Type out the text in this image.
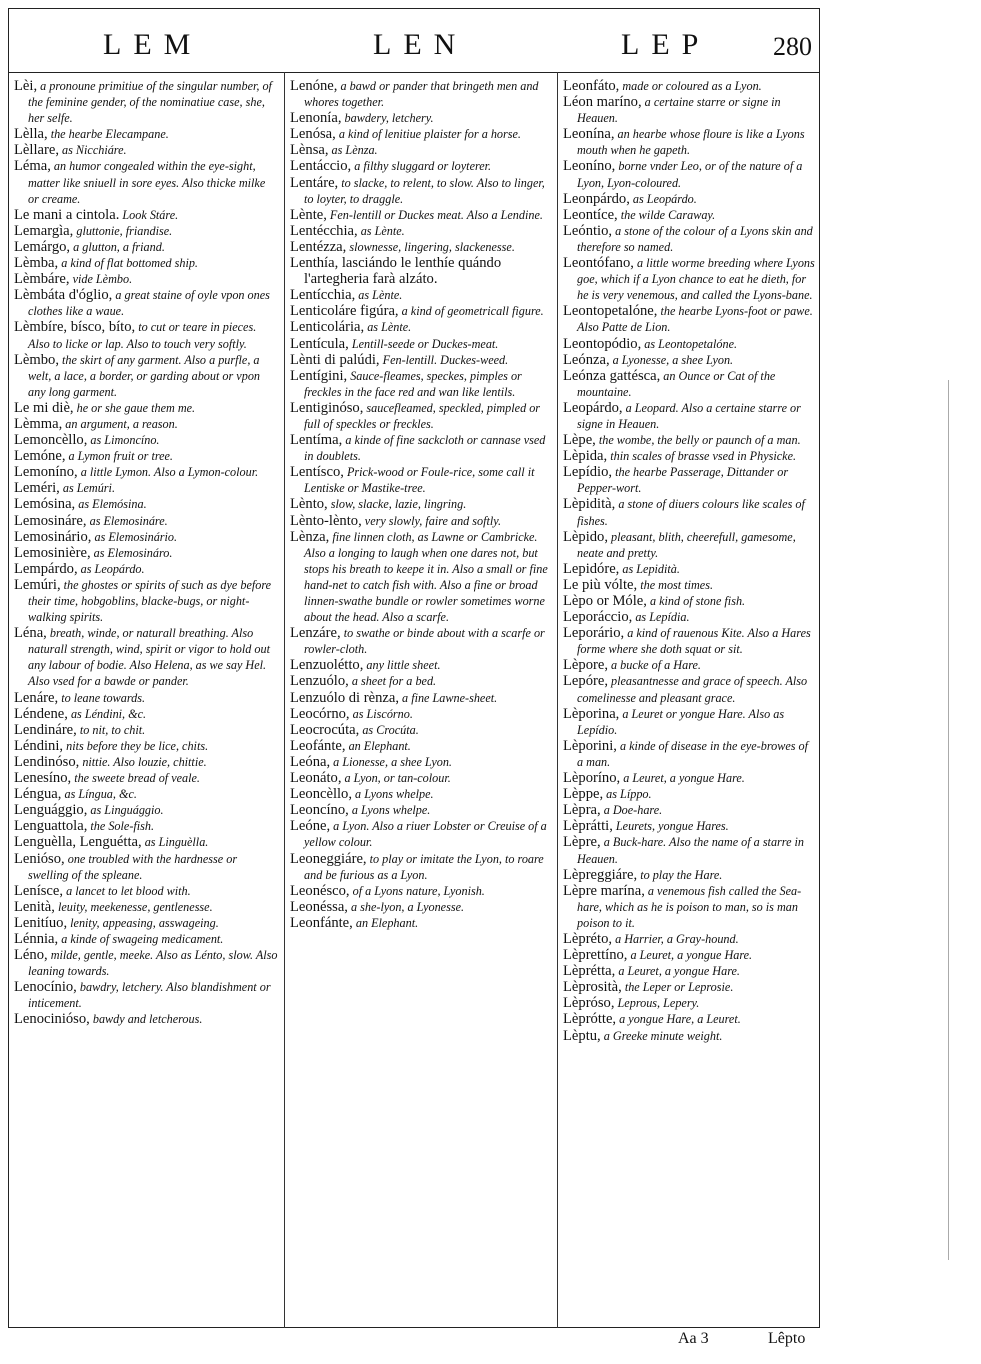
LEM	LEN	LEP 280

Lèi, a pronoune primitiue of the singular number, of the feminine gender, of the nominatiue case, she, her selfe.

Lèlla, the hearbe Elecampane.

Lèllare, as Nicchiáre.

Léma, an humor congealed within the eye-sight, matter like sniuell in sore eyes. Also thicke milke or creame.

Le mani a cintola. Look Stáre.

Lemargìa, gluttonie, friandise.

Lemárgo, a glutton, a friand.

Lèmba, a kind of flat bottomed ship.

Lèmbáre, vide Lèmbo.

Lèmbáta d'óglio, a great staine of oyle vpon ones clothes like a waue.

Lèmbíre, bísco, bíto, to cut or teare in pieces. Also to licke or lap. Also to touch very softly.

Lèmbo, the skirt of any garment. Also a purfle, a welt, a lace, a border, or garding about or vpon any long garment.

Le mi diè, he or she gaue them me.

Lèmma, an argument, a reason.

Lemoncèllo, as Limoncíno.

Lemóne, a Lymon fruit or tree.

Lemoníno, a little Lymon. Also a Lymon-colour.

Leméri, as Lemúri.

Lemósina, as Elemósina.

Lemosináre, as Elemosináre.

Lemosinário, as Elemosinário.

Lemosinière, as Elemosináro.

Lempárdo, as Leopárdo.

Lemúri, the ghostes or spirits of such as dye before their time, hobgoblins, blacke-bugs, or night-walking spirits.

Léna, breath, winde, or naturall breathing. Also naturall strength, wind, spirit or vigor to hold out any labour of bodie. Also Helena, as we say Hel. Also vsed for a bawde or pander.

Lenáre, to leane towards.

Léndene, as Léndini, &c.

Lendináre, to nit, to chit.

Léndini, nits before they be lice, chits.

Lendinóso, nittie. Also louzie, chittie.

Lenesíno, the sweete bread of veale.

Léngua, as Língua, &c.

Lenguággio, as Linguággio.

Lenguattola, the Sole-fish.

Lenguèlla, Lenguétta, as Linguèlla.

Lenióso, one troubled with the hardnesse or swelling of the spleane.

Lenísce, a lancet to let blood with.

Lenità, leuity, meekenesse, gentlenesse.

Lenitíuo, lenity, appeasing, asswageing.

Lénnia, a kinde of swageing medicament.

Léno, milde, gentle, meeke. Also as Lénto, slow. Also leaning towards.

Lenocínio, bawdry, letchery. Also blandishment or inticement.

Lenocinióso, bawdy and letcherous.

Lenóne, a bawd or pander that bringeth men and whores together.

Lenonía, bawdery, letchery.

Lenósa, a kind of lenitiue plaister for a horse.

Lènsa, as Lènza.

Lentáccio, a filthy sluggard or loyterer.

Lentáre, to slacke, to relent, to slow. Also to linger, to loyter, to draggle.

Lènte, Fen-lentill or Duckes meat. Also a Lendine.

Lentécchia, as Lènte.

Lentézza, slownesse, lingering, slackenesse.

Lenthía, lasciándo le lenthíe quándo l'artegheria farà alzáto.

Lentícchia, as Lènte.

Lenticoláre figúra, a kind of geometricall figure.

Lenticolária, as Lènte.

Lentícula, Lentill-seede or Duckes-meat.

Lènti di palúdi, Fen-lentill. Duckes-weed.

Lentígini, Sauce-fleames, speckes, pimples or freckles in the face red and wan like lentils.

Lentiginóso, saucefleamed, speckled, pimpled or full of speckles or freckles.

Lentíma, a kinde of fine sackcloth or cannase vsed in doublets.

Lentísco, Prick-wood or Foule-rice, some call it Lentiske or Mastike-tree.

Lènto, slow, slacke, lazie, lingring.

Lènto-lènto, very slowly, faire and softly.

Lènza, fine linnen cloth, as Lawne or Cambricke. Also a longing to laugh when one dares not, but stops his breath to keepe it in. Also a small or fine hand-net to catch fish with. Also a fine or broad linnen-swathe bundle or rowler sometimes worne about the head. Also a scarfe.

Lenzáre, to swathe or binde about with a scarfe or rowler-cloth.

Lenzuolétto, any little sheet.

Lenzuólo, a sheet for a bed.

Lenzuólo di rènza, a fine Lawne-sheet.

Leocórno, as Liscórno.

Leocrocúta, as Crocúta.

Leofánte, an Elephant.

Leóna, a Lionesse, a shee Lyon.

Leonáto, a Lyon, or tan-colour.

Leoncèllo, a Lyons whelpe.

Leoncíno, a Lyons whelpe.

Leóne, a Lyon. Also a riuer Lobster or Creuise of a yellow colour.

Leoneggiáre, to play or imitate the Lyon, to roare and be furious as a Lyon.

Leonésco, of a Lyons nature, Lyonish.

Leonéssa, a she-lyon, a Lyonesse.

Leonfánte, an Elephant.

Leonfáto, made or coloured as a Lyon.

Léon maríno, a certaine starre or signe in Heauen.

Leonína, an hearbe whose floure is like a Lyons mouth when he gapeth.

Leoníno, borne vnder Leo, or of the nature of a Lyon, Lyon-coloured.

Leonpárdo, as Leopárdo.

Leontíce, the wilde Caraway.

Leóntio, a stone of the colour of a Lyons skin and therefore so named.

Leontófano, a little worme breeding where Lyons goe, which if a Lyon chance to eat he dieth, for he is very venemous, and called the Lyons-bane.

Leontopetalóne, the hearbe Lyons-foot or pawe. Also Patte de Lion.

Leontopódio, as Leontopetalóne.

Leónza, a Lyonesse, a shee Lyon.

Leónza gattésca, an Ounce or Cat of the mountaine.

Leopárdo, a Leopard. Also a certaine starre or signe in Heauen.

Lèpe, the wombe, the belly or paunch of a man.

Lèpida, thin scales of brasse vsed in Physicke.

Lepídio, the hearbe Passerage, Dittander or Pepper-wort.

Lèpidità, a stone of diuers colours like scales of fishes.

Lèpido, pleasant, blith, cheerefull, gamesome, neate and pretty.

Lepidóre, as Lepidità.

Le più vólte, the most times.

Lèpo or Móle, a kind of stone fish.

Leporáccio, as Lepídia.

Leporário, a kind of rauenous Kite. Also a Hares forme where she doth squat or sit.

Lèpore, a bucke of a Hare.

Lepóre, pleasantnesse and grace of speech. Also comelinesse and pleasant grace.

Lèporina, a Leuret or yongue Hare. Also as Lepídio.

Lèporini, a kinde of disease in the eye-browes of a man.

Lèporíno, a Leuret, a yongue Hare.

Lèppe, as Líppo.

Lèpra, a Doe-hare.

Lèprátti, Leurets, yongue Hares.

Lèpre, a Buck-hare. Also the name of a starre in Heauen.

Lèpreggiáre, to play the Hare.

Lèpre marína, a venemous fish called the Sea-hare, which as he is poison to man, so is man poison to it.

Lèpréto, a Harrier, a Gray-hound.

Lèprettíno, a Leuret, a yongue Hare.

Lèprétta, a Leuret, a yongue Hare.

Lèprosità, the Leper or Leprosie.

Lèpróso, Leprous, Lepery.

Lèprótte, a yongue Hare, a Leuret.

Lèptu, a Greeke minute weight.

Aa 3	Lêpto
